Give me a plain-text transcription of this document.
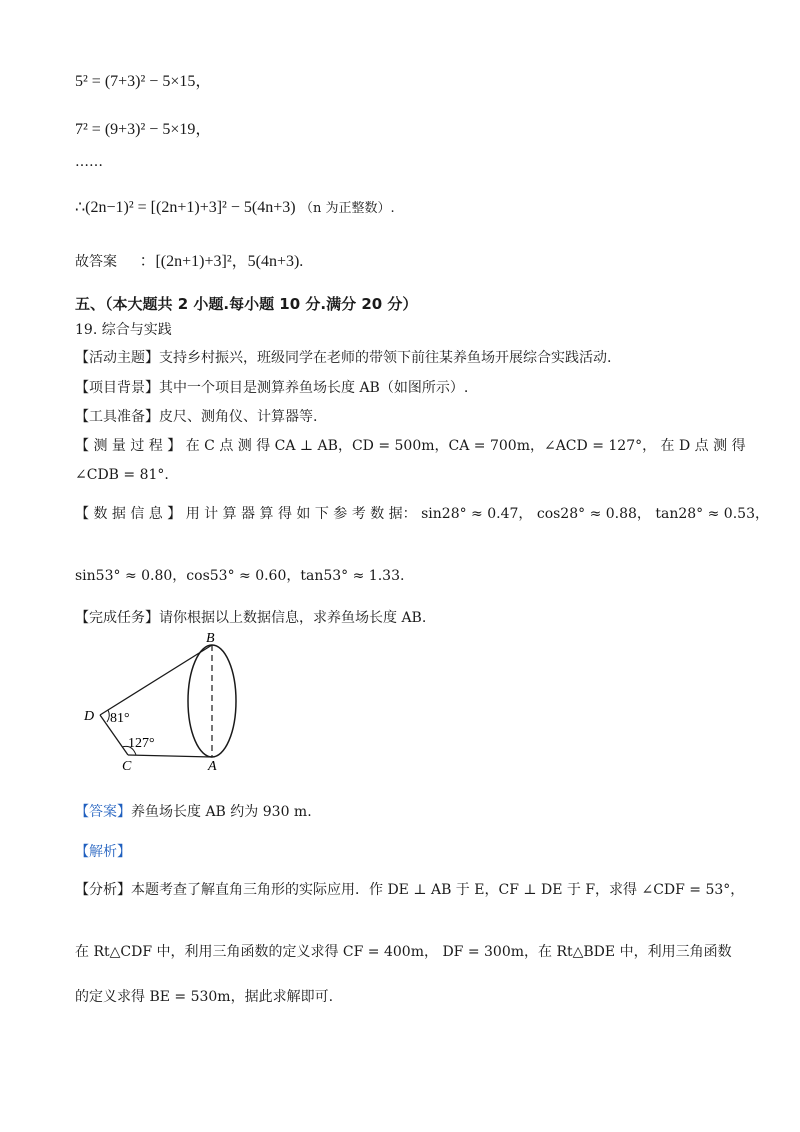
5² = (7+3)² − 5×15，
7² = (9+3)² − 5×19，
……
∴(2n−1)² = [(2n+1)+3]² − 5(4n+3) （n 为正整数）.
故答案 ：[(2n+1)+3]²，5(4n+3).
五、（本大题共 2 小题.每小题 10 分.满分 20 分）
19. 综合与实践
【活动主题】支持乡村振兴，班级同学在老师的带领下前往某养鱼场开展综合实践活动.
【项目背景】其中一个项目是测算养鱼场长度 AB（如图所示）.
【工具准备】皮尺、测角仪、计算器等.
【 测 量 过 程 】 在 C 点 测 得 CA ⊥ AB，CD = 500m，CA = 700m，∠ACD = 127°， 在 D 点 测 得
∠CDB = 81°.
【 数 据 信 息 】 用 计 算 器 算 得 如 下 参 考 数 据： sin28° ≈ 0.47， cos28° ≈ 0.88， tan28° ≈ 0.53，
sin53° ≈ 0.80，cos53° ≈ 0.60，tan53° ≈ 1.33.
【完成任务】请你根据以上数据信息，求养鱼场长度 AB.
B
D
C	A
81°
127°
【答案】养鱼场长度 AB 约为 930 m.
【解析】
【分析】本题考查了解直角三角形的实际应用．作 DE ⊥ AB 于 E，CF ⊥ DE 于 F，求得 ∠CDF = 53°，
在 Rt△CDF 中，利用三角函数的定义求得 CF = 400m， DF = 300m，在 Rt△BDE 中，利用三角函数
的定义求得 BE = 530m，据此求解即可.
